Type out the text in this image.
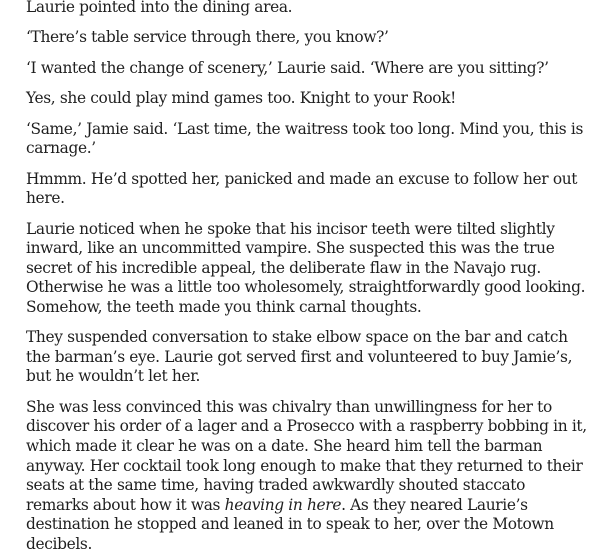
Laurie pointed into the dining area.

‘There’s table service through there, you know?’

‘I wanted the change of scenery,’ Laurie said. ‘Where are you sitting?’

Yes, she could play mind games too. Knight to your Rook!

‘Same,’ Jamie said. ‘Last time, the waitress took too long. Mind you, this is carnage.’

Hmmm. He’d spotted her, panicked and made an excuse to follow her out here.

Laurie noticed when he spoke that his incisor teeth were tilted slightly inward, like an uncommitted vampire. She suspected this was the true secret of his incredible appeal, the deliberate flaw in the Navajo rug. Otherwise he was a little too wholesomely, straightforwardly good looking. Somehow, the teeth made you think carnal thoughts.

They suspended conversation to stake elbow space on the bar and catch the barman’s eye. Laurie got served first and volunteered to buy Jamie’s, but he wouldn’t let her.

She was less convinced this was chivalry than unwillingness for her to discover his order of a lager and a Prosecco with a raspberry bobbing in it, which made it clear he was on a date. She heard him tell the barman anyway. Her cocktail took long enough to make that they returned to their seats at the same time, having traded awkwardly shouted staccato remarks about how it was heaving in here. As they neared Laurie’s destination he stopped and leaned in to speak to her, over the Motown decibels.
